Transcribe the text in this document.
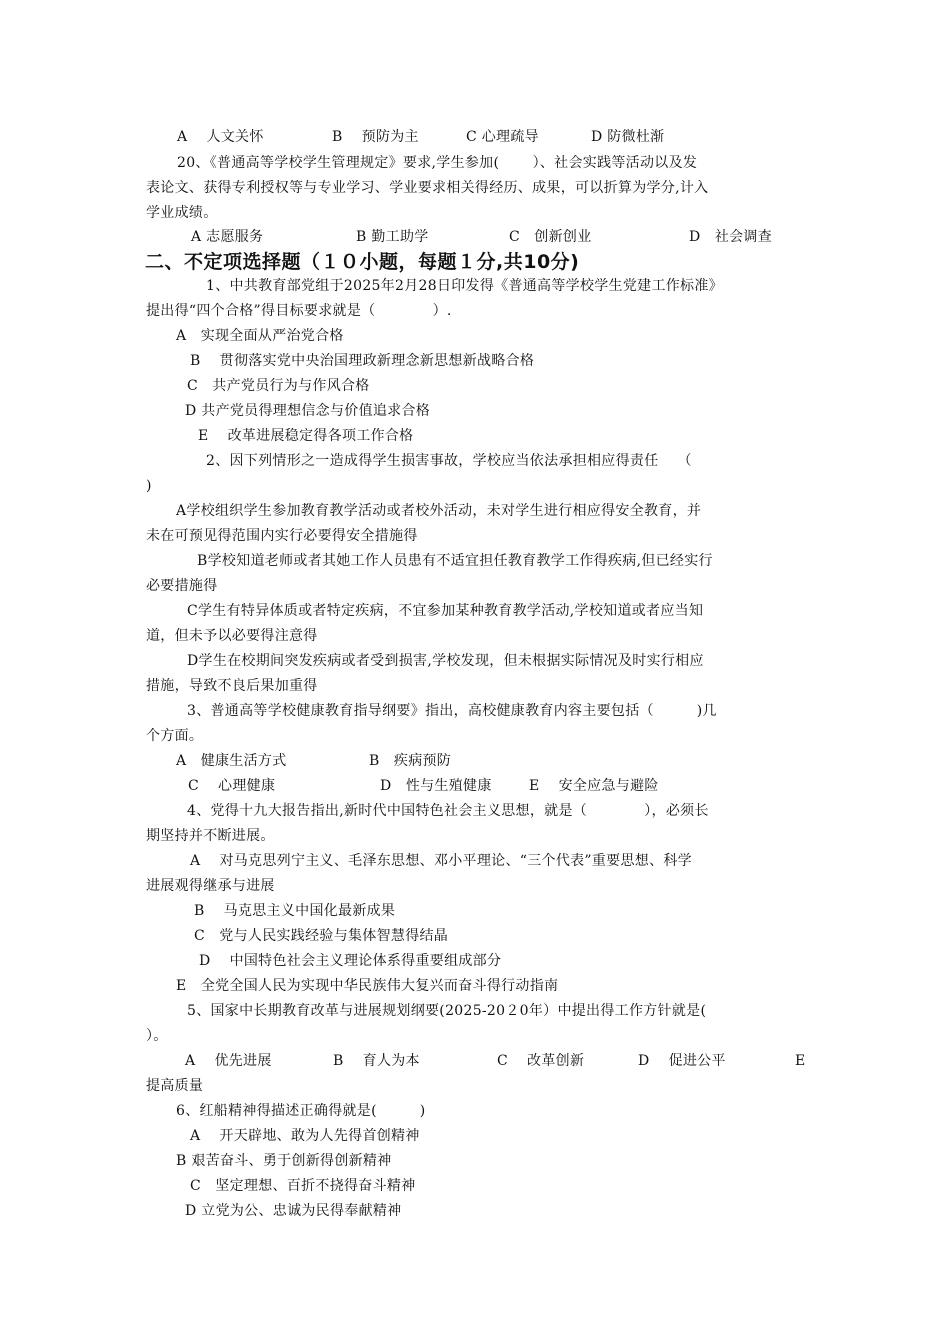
A　 人文关怀	B　 预防为主	C 心理疏导	D 防微杜渐
20、《普通高等学校学生管理规定》要求,学生参加(　　 ）、社会实践等活动以及发
表论文、获得专利授权等与专业学习、学业要求相关得经历、成果，可以折算为学分,计入
学业成绩。
A 志愿服务	B 勤工助学	C　创新创业	D　社会调查
二、不定项选择题（１０小题，每题１分,共10分)
1、中共教育部党组于2025年2月28日印发得《普通高等学校学生党建工作标准》
提出得“四个合格”得目标要求就是（　　　　）.
A　实现全面从严治党合格
B　 贯彻落实党中央治国理政新理念新思想新战略合格
C　共产党员行为与作风合格
D 共产党员得理想信念与价值追求合格
E　 改革进展稳定得各项工作合格
2、因下列情形之一造成得学生损害事故，学校应当依法承担相应得责任　 （
)
A学校组织学生参加教育教学活动或者校外活动，未对学生进行相应得安全教育，并
未在可预见得范围内实行必要得安全措施得
B学校知道老师或者其她工作人员患有不适宜担任教育教学工作得疾病,但已经实行
必要措施得
C学生有特异体质或者特定疾病，不宜参加某种教育教学活动,学校知道或者应当知
道，但未予以必要得注意得
D学生在校期间突发疾病或者受到损害,学校发现，但未根据实际情况及时实行相应
措施，导致不良后果加重得
3、普通高等学校健康教育指导纲要》指出，高校健康教育内容主要包括（　　　)几
个方面。
A　健康生活方式	B　疾病预防
C　 心理健康	D　性与生殖健康	E　 安全应急与避险
4、党得十九大报告指出,新时代中国特色社会主义思想，就是（　　　　），必须长
期坚持并不断进展。
A　 对马克思列宁主义、毛泽东思想、邓小平理论、“三个代表”重要思想、科学
进展观得继承与进展
B　 马克思主义中国化最新成果
C　党与人民实践经验与集体智慧得结晶
D　 中国特色社会主义理论体系得重要组成部分
E　全党全国人民为实现中华民族伟大复兴而奋斗得行动指南
5、国家中长期教育改革与进展规划纲要(2025-20２0年）中提出得工作方针就是(
）。
A　 优先进展	B　 育人为本	C　 改革创新	D　 促进公平	E
提高质量
6、红船精神得描述正确得就是(　　　)
A　 开天辟地、敢为人先得首创精神
B 艰苦奋斗、勇于创新得创新精神
C　坚定理想、百折不挠得奋斗精神
D 立党为公、忠诚为民得奉献精神
